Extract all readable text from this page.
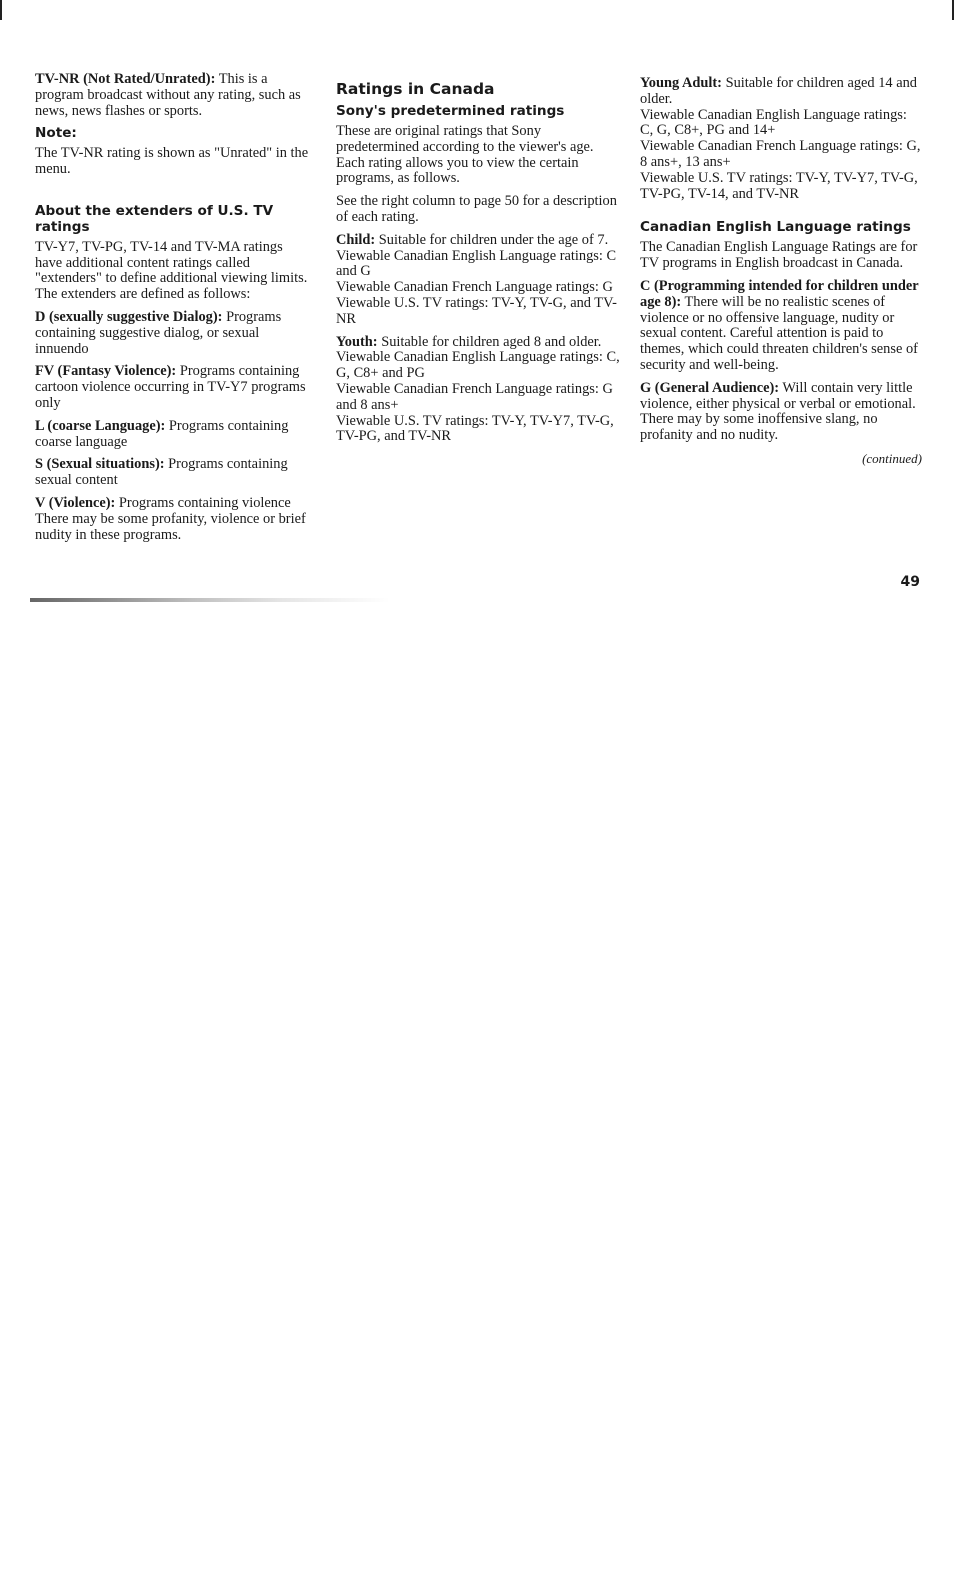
TV-NR (Not Rated/Unrated): This is a program broadcast without any rating, such as news, news flashes or sports.

Note:

The TV-NR rating is shown as "Unrated" in the menu.

About the extenders of U.S. TV ratings

TV-Y7, TV-PG, TV-14 and TV-MA ratings have additional content ratings called "extenders" to define additional viewing limits. The extenders are defined as follows:

D (sexually suggestive Dialog): Programs containing suggestive dialog, or sexual innuendo

FV (Fantasy Violence): Programs containing cartoon violence occurring in TV-Y7 programs only

L (coarse Language): Programs containing coarse language

S (Sexual situations): Programs containing sexual content

V (Violence): Programs containing violence There may be some profanity, violence or brief nudity in these programs.

Ratings in Canada
Sony's predetermined ratings

These are original ratings that Sony predetermined according to the viewer's age. Each rating allows you to view the certain programs, as follows.

See the right column to page 50 for a description of each rating.

Child: Suitable for children under the age of 7.
Viewable Canadian English Language ratings: C and G
Viewable Canadian French Language ratings: G
Viewable U.S. TV ratings: TV-Y, TV-G, and TV-NR
Youth: Suitable for children aged 8 and older.
Viewable Canadian English Language ratings: C, G, C8+ and PG
Viewable Canadian French Language ratings: G and 8 ans+
Viewable U.S. TV ratings: TV-Y, TV-Y7, TV-G, TV-PG, and TV-NR
Young Adult: Suitable for children aged 14 and older.
Viewable Canadian English Language ratings: C, G, C8+, PG and 14+
Viewable Canadian French Language ratings: G, 8 ans+, 13 ans+
Viewable U.S. TV ratings: TV-Y, TV-Y7, TV-G, TV-PG, TV-14, and TV-NR
Canadian English Language ratings

The Canadian English Language Ratings are for TV programs in English broadcast in Canada.

C (Programming intended for children under age 8): There will be no realistic scenes of violence or no offensive language, nudity or sexual content. Careful attention is paid to themes, which could threaten children's sense of security and well-being.

G (General Audience): Will contain very little violence, either physical or verbal or emotional. There may by some inoffensive slang, no profanity and no nudity.

(continued)
49
